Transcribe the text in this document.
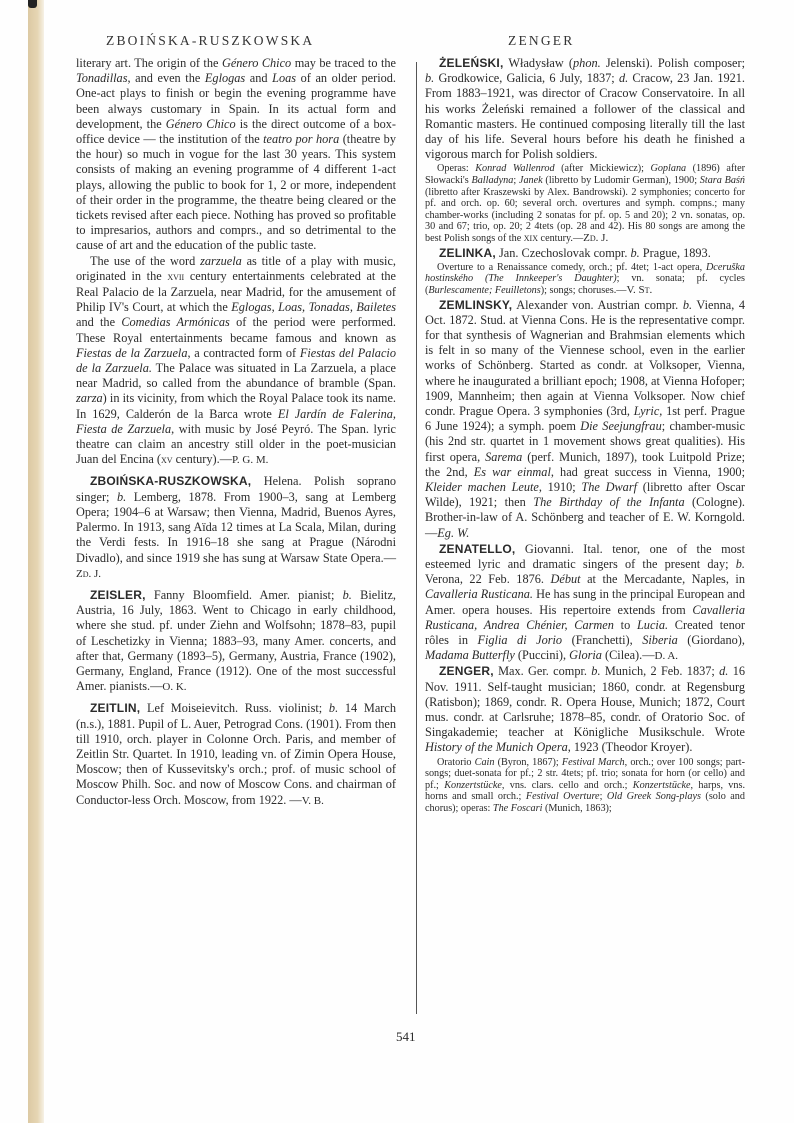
ZBOIŃSKA-RUSZKOWSKA	ZENGER

literary art. The origin of the Género Chico may be traced to the Tonadillas, and even the Eglogas and Loas of an older period. One-act plays to finish or begin the evening programme have been always customary in Spain. In its actual form and development, the Género Chico is the direct outcome of a box-office device — the institution of the teatro por hora (theatre by the hour) so much in vogue for the last 30 years. This system consists of making an evening programme of 4 different 1-act plays, allowing the public to book for 1, 2 or more, independent of their order in the programme, the theatre being cleared or the tickets revised after each piece. Nothing has proved so profitable to impresarios, authors and comprs., and so detrimental to the cause of art and the education of the public taste.

The use of the word zarzuela as title of a play with music, originated in the xvii century entertainments celebrated at the Real Palacio de la Zarzuela, near Madrid, for the amusement of Philip IV's Court, at which the Eglogas, Loas, Tonadas, Bailetes and the Comedias Armónicas of the period were performed. These Royal entertainments became famous and known as Fiestas de la Zarzuela, a contracted form of Fiestas del Palacio de la Zarzuela. The Palace was situated in La Zarzuela, a place near Madrid, so called from the abundance of bramble (Span. zarza) in its vicinity, from which the Royal Palace took its name. In 1629, Calderón de la Barca wrote El Jardín de Falerina, Fiesta de Zarzuela, with music by José Peyró. The Span. lyric theatre can claim an ancestry still older in the poet-musician Juan del Encina (xv century).—P. G. M.

ZBOIŃSKA-RUSZKOWSKA, Helena. Polish soprano singer; b. Lemberg, 1878. From 1900–3, sang at Lemberg Opera; 1904–6 at Warsaw; then Vienna, Madrid, Buenos Ayres, Palermo. In 1913, sang Aïda 12 times at La Scala, Milan, during the Verdi fests. In 1916–18 she sang at Prague (Národni Divadlo), and since 1919 she has sung at Warsaw State Opera.—Zd. J.

ZEISLER, Fanny Bloomfield. Amer. pianist; b. Bielitz, Austria, 16 July, 1863. Went to Chicago in early childhood, where she stud. pf. under Ziehn and Wolfsohn; 1878–83, pupil of Leschetizky in Vienna; 1883–93, many Amer. concerts, and after that, Germany (1893–5), Germany, Austria, France (1902), Germany, England, France (1912). One of the most successful Amer. pianists.—O. K.

ZEITLIN, Lef Moiseievitch. Russ. violinist; b. 14 March (n.s.), 1881. Pupil of L. Auer, Petrograd Cons. (1901). From then till 1910, orch. player in Colonne Orch. Paris, and member of Zeitlin Str. Quartet. In 1910, leading vn. of Zimin Opera House, Moscow; then of Kussevitsky's orch.; prof. of music school of Moscow Philh. Soc. and now of Moscow Cons. and chairman of Conductor-less Orch. Moscow, from 1922. —V. B.

ŻELEŃSKI, Władysław (phon. Jelenski). Polish composer; b. Grodkowice, Galicia, 6 July, 1837; d. Cracow, 23 Jan. 1921. From 1883–1921, was director of Cracow Conservatoire. In all his works Żeleński remained a follower of the classical and Romantic masters. He continued composing literally till the last day of his life. Several hours before his death he finished a vigorous march for Polish soldiers.

Operas: Konrad Wallenrod (after Mickiewicz); Goplana (1896) after Słowacki's Balladyna; Janek (libretto by Ludomir German), 1900; Stara Baśń (libretto after Kraszewski by Alex. Bandrowski). 2 symphonies; concerto for pf. and orch. op. 60; several orch. overtures and symph. compns.; many chamber-works (including 2 sonatas for pf. op. 5 and 20); 2 vn. sonatas, op. 30 and 67; trio, op. 20; 2 4tets (op. 28 and 42). His 80 songs are among the best Polish songs of the xix century.—Zd. J.

ZELINKA, Jan. Czechoslovak compr. b. Prague, 1893.

Overture to a Renaissance comedy, orch.; pf. 4tet; 1-act opera, Dceruška hostinského (The Innkeeper's Daughter); vn. sonata; pf. cycles (Burlescamente; Feuilletons); songs; choruses.—V. St.

ZEMLINSKY, Alexander von. Austrian compr. b. Vienna, 4 Oct. 1872. Stud. at Vienna Cons. He is the representative compr. for that synthesis of Wagnerian and Brahmsian elements which is felt in so many of the Viennese school, even in the earlier works of Schönberg. Started as condr. at Volksoper, Vienna, where he inaugurated a brilliant epoch; 1908, at Vienna Hofoper; 1909, Mannheim; then again at Vienna Volksoper. Now chief condr. Prague Opera. 3 symphonies (3rd, Lyric, 1st perf. Prague 6 June 1924); a symph. poem Die Seejungfrau; chamber-music (his 2nd str. quartet in 1 movement shows great qualities). His first opera, Sarema (perf. Munich, 1897), took Luitpold Prize; the 2nd, Es war einmal, had great success in Vienna, 1900; Kleider machen Leute, 1910; The Dwarf (libretto after Oscar Wilde), 1921; then The Birthday of the Infanta (Cologne). Brother-in-law of A. Schönberg and teacher of E. W. Korngold.—Eg. W.

ZENATELLO, Giovanni. Ital. tenor, one of the most esteemed lyric and dramatic singers of the present day; b. Verona, 22 Feb. 1876. Début at the Mercadante, Naples, in Cavalleria Rusticana. He has sung in the principal European and Amer. opera houses. His repertoire extends from Cavalleria Rusticana, Andrea Chénier, Carmen to Lucia. Created tenor rôles in Figlia di Jorio (Franchetti), Siberia (Giordano), Madama Butterfly (Puccini), Gloria (Cilea).—D. A.

ZENGER, Max. Ger. compr. b. Munich, 2 Feb. 1837; d. 16 Nov. 1911. Self-taught musician; 1860, condr. at Regensburg (Ratisbon); 1869, condr. R. Opera House, Munich; 1872, Court mus. condr. at Carlsruhe; 1878–85, condr. of Oratorio Soc. of Singakademie; teacher at Königliche Musikschule. Wrote History of the Munich Opera, 1923 (Theodor Kroyer).

Oratorio Cain (Byron, 1867); Festival March, orch.; over 100 songs; part-songs; duet-sonata for pf.; 2 str. 4tets; pf. trio; sonata for horn (or cello) and pf.; Konzertstücke, vns. clars. cello and orch.; Konzertstücke, harps, vns. horns and small orch.; Festival Overture; Old Greek Song-plays (solo and chorus); operas: The Foscari (Munich, 1863);

541
